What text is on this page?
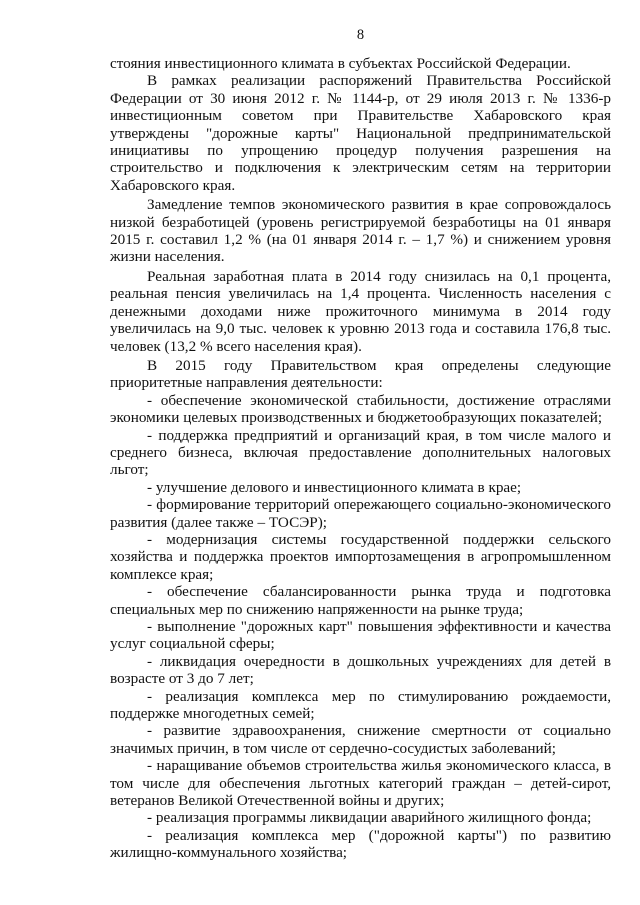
8

стояния инвестиционного климата в субъектах Российской Федерации.

В рамках реализации распоряжений Правительства Российской Федерации от 30 июня 2012 г. № 1144-р, от 29 июля 2013 г. № 1336-р инвестиционным советом при Правительстве Хабаровского края утверждены "дорожные карты" Национальной предпринимательской инициативы по упрощению процедур получения разрешения на строительство и подключения к электрическим сетям на территории Хабаровского края.

Замедление темпов экономического развития в крае сопровождалось низкой безработицей (уровень регистрируемой безработицы на 01 января 2015 г. составил 1,2 % (на 01 января 2014 г. – 1,7 %) и снижением уровня жизни населения.

Реальная заработная плата в 2014 году снизилась на 0,1 процента, реальная пенсия увеличилась на 1,4 процента. Численность населения с денежными доходами ниже прожиточного минимума в 2014 году увеличилась на 9,0 тыс. человек к уровню 2013 года и составила 176,8 тыс. человек (13,2 % всего населения края).

В 2015 году Правительством края определены следующие приоритетные направления деятельности:

- обеспечение экономической стабильности, достижение отраслями экономики целевых производственных и бюджетообразующих показателей;

- поддержка предприятий и организаций края, в том числе малого и среднего бизнеса, включая предоставление дополнительных налоговых льгот;

- улучшение делового и инвестиционного климата в крае;

- формирование территорий опережающего социально-экономического развития (далее также – ТОСЭР);

- модернизация системы государственной поддержки сельского хозяйства и поддержка проектов импортозамещения в агропромышленном комплексе края;

- обеспечение сбалансированности рынка труда и подготовка специальных мер по снижению напряженности на рынке труда;

- выполнение "дорожных карт" повышения эффективности и качества услуг социальной сферы;

- ликвидация очередности в дошкольных учреждениях для детей в возрасте от 3 до 7 лет;

- реализация комплекса мер по стимулированию рождаемости, поддержке многодетных семей;

- развитие здравоохранения, снижение смертности от социально значимых причин, в том числе от сердечно-сосудистых заболеваний;

- наращивание объемов строительства жилья экономического класса, в том числе для обеспечения льготных категорий граждан – детей-сирот, ветеранов Великой Отечественной войны и других;

- реализация программы ликвидации аварийного жилищного фонда;

- реализация комплекса мер ("дорожной карты") по развитию жилищно-коммунального хозяйства;
